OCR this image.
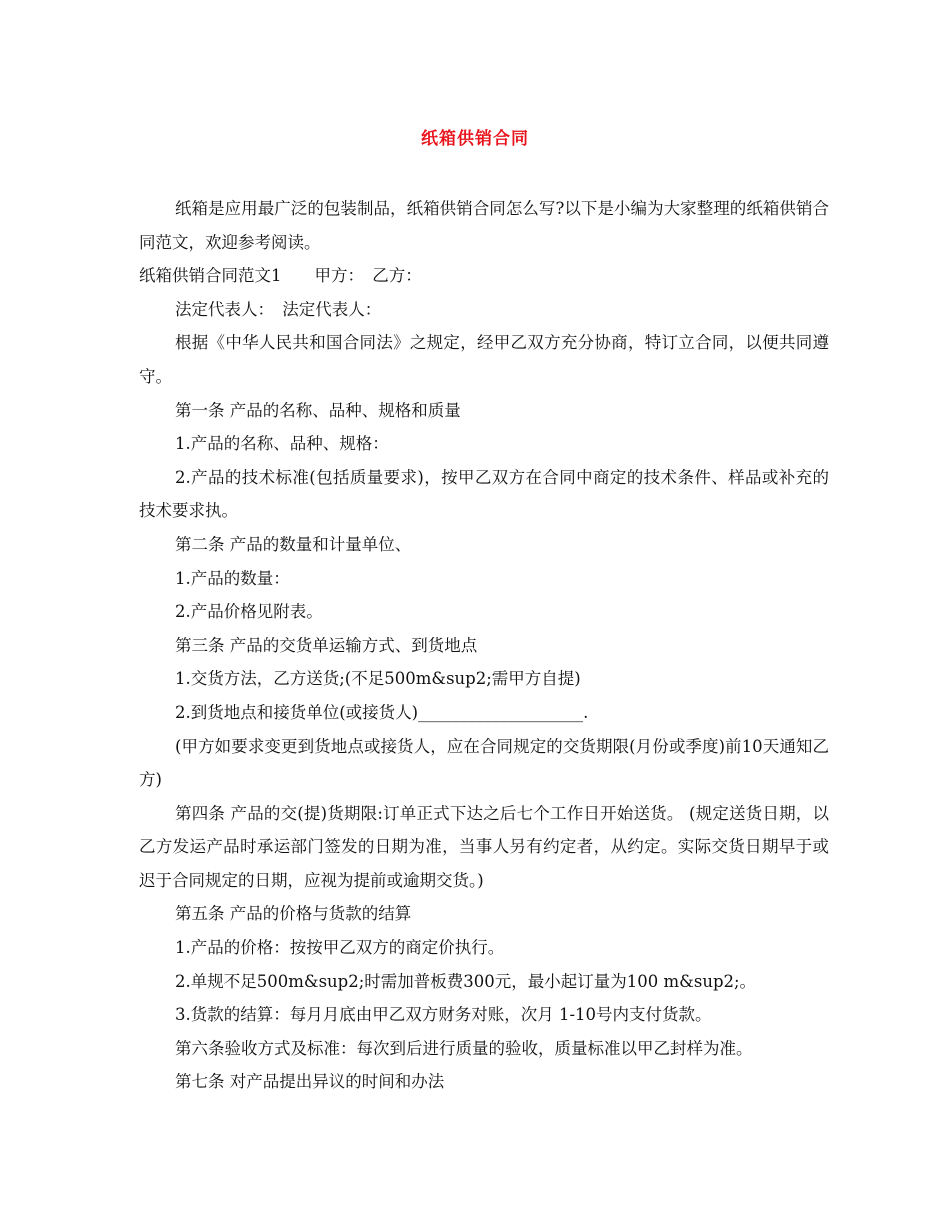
纸箱供销合同

纸箱是应用最广泛的包装制品，纸箱供销合同怎么写?以下是小编为大家整理的纸箱供销合同范文，欢迎参考阅读。

纸箱供销合同范文1　　甲方：　乙方：

法定代表人：　法定代表人：

根据《中华人民共和国合同法》之规定，经甲乙双方充分协商，特订立合同，以便共同遵守。

第一条 产品的名称、品种、规格和质量

1.产品的名称、品种、规格：

2.产品的技术标准(包括质量要求)，按甲乙双方在合同中商定的技术条件、样品或补充的技术要求执。

第二条 产品的数量和计量单位、

1.产品的数量：

2.产品价格见附表。

第三条 产品的交货单运输方式、到货地点

1.交货方法，乙方送货;(不足500m&sup2;需甲方自提)

2.到货地点和接货单位(或接货人)____________________.

(甲方如要求变更到货地点或接货人，应在合同规定的交货期限(月份或季度)前10天通知乙方)

第四条 产品的交(提)货期限:订单正式下达之后七个工作日开始送货。 (规定送货日期，以乙方发运产品时承运部门签发的日期为准，当事人另有约定者，从约定。实际交货日期早于或迟于合同规定的日期，应视为提前或逾期交货。)

第五条 产品的价格与货款的结算

1.产品的价格：按按甲乙双方的商定价执行。

2.单规不足500m&sup2;时需加普板费300元，最小起订量为100 m&sup2;。

3.货款的结算：每月月底由甲乙双方财务对账，次月 1-10号内支付货款。

第六条验收方式及标准：每次到后进行质量的验收，质量标准以甲乙封样为准。

第七条 对产品提出异议的时间和办法
